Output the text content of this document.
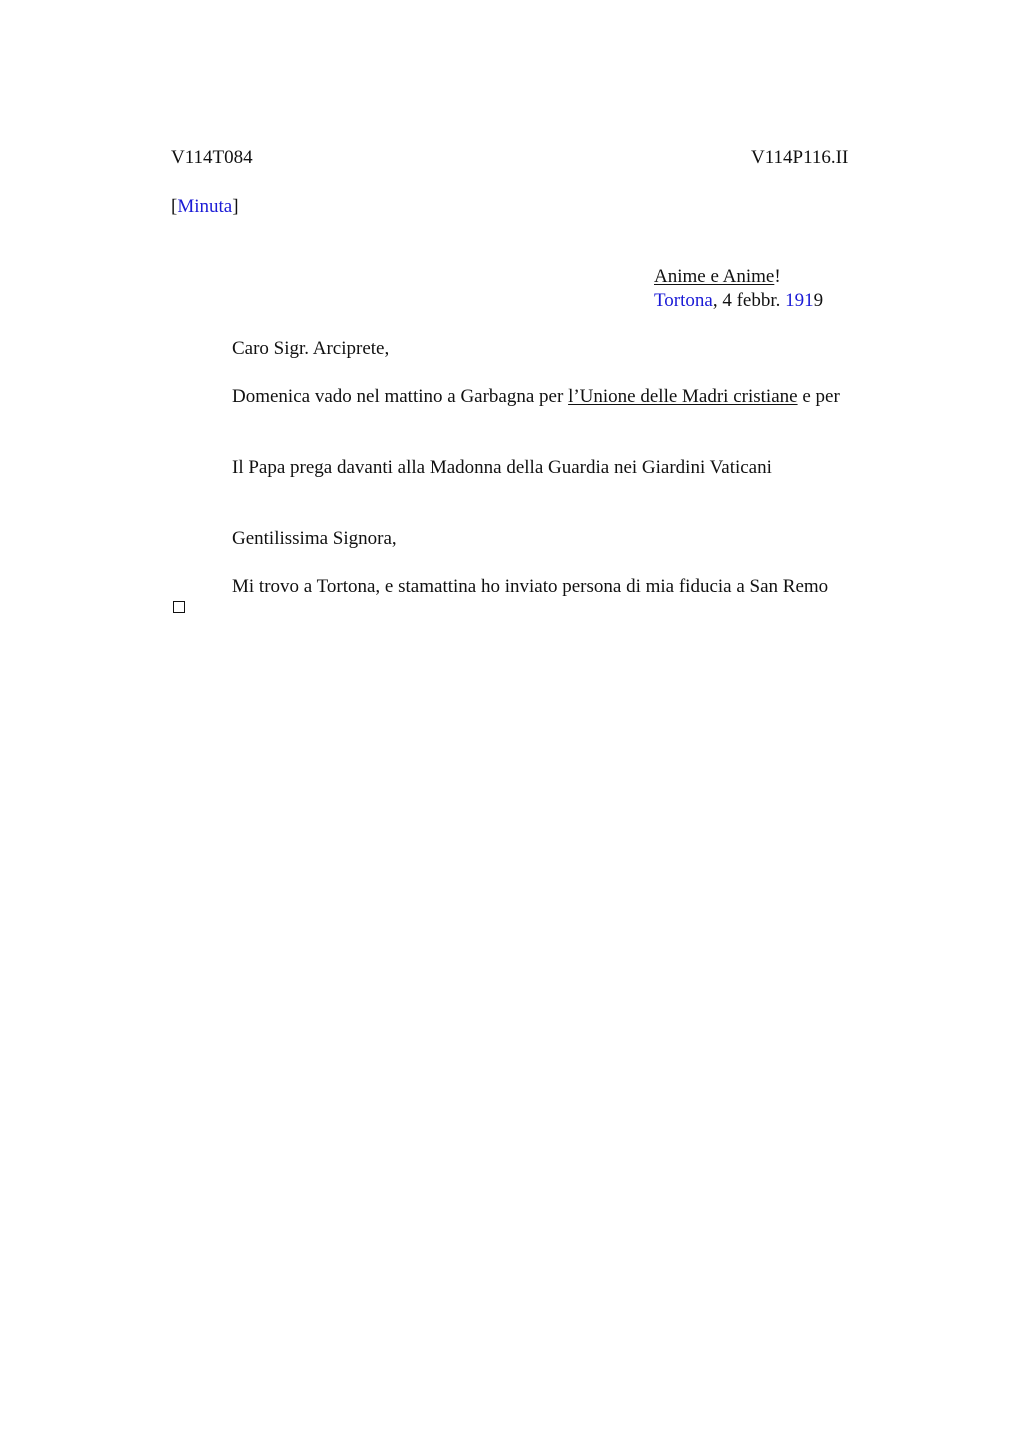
V114T084	V114P116.II
[Minuta]
Anime e Anime!
Tortona, 4 febbr. 1919
Caro Sigr. Arciprete,
Domenica vado nel mattino a Garbagna per l’Unione delle Madri cristiane e per
Il Papa prega davanti alla Madonna della Guardia nei Giardini Vaticani
Gentilissima Signora,
Mi trovo a Tortona, e stamattina ho inviato persona di mia fiducia a San Remo
